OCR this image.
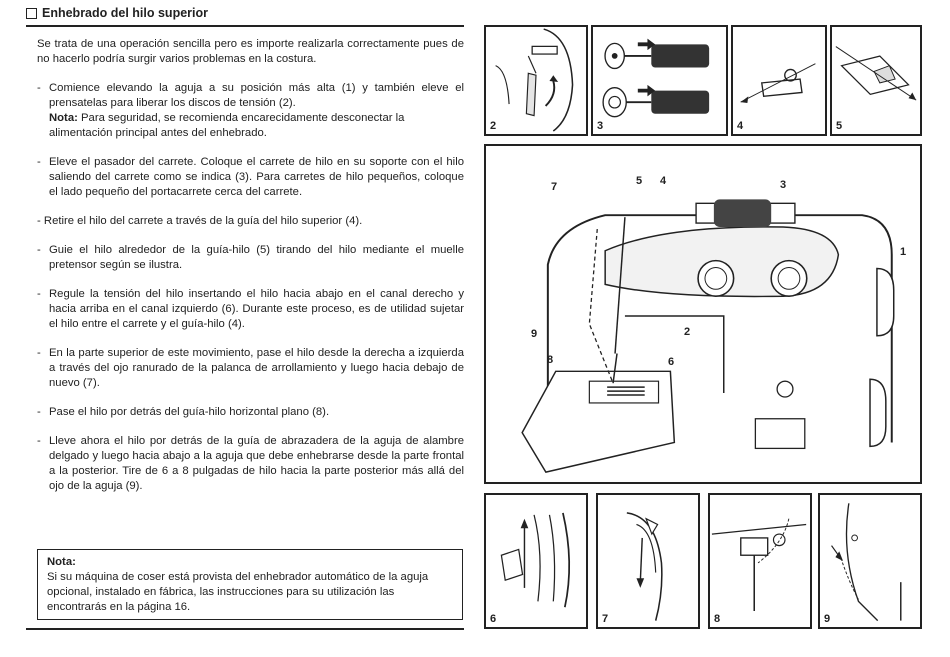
Enhebrado del hilo superior

Se trata de una operación sencilla pero es importe realizarla correctamente pues de no hacerlo podría surgir varios problemas en la costura.

- Comience elevando la aguja a su posición más alta (1) y también eleve el prensatelas para liberar los discos de tensión (2).
Nota: Para seguridad, se recomienda encarecidamente desconectar la alimentación principal antes del enhebrado.
- Eleve el pasador del carrete. Coloque el carrete de hilo en su soporte con el hilo saliendo del carrete como se indica (3). Para carretes de hilo pequeños, coloque el lado pequeño del portacarrete cerca del carrete.
- Retire el hilo del carrete a través de la guía del hilo superior (4).
- Guie el hilo alrededor de la guía-hilo (5) tirando del hilo mediante el muelle pretensor según se ilustra.
- Regule la tensión del hilo insertando el hilo hacia abajo en el canal derecho y hacia arriba en el canal izquierdo (6). Durante este proceso, es de utilidad sujetar el hilo entre el carrete y el guía-hilo (4).
- En la parte superior de este movimiento, pase el hilo desde la derecha a izquierda a través del ojo ranurado de la palanca de arrollamiento y luego hacia debajo de nuevo (7).
- Pase el hilo por detrás del guía-hilo horizontal plano (8).
- Lleve ahora el hilo por detrás de la guía de abrazadera de la aguja de alambre delgado y luego hacia abajo a la aguja que debe enhebrarse desde la parte frontal a la posterior. Tire de 6 a 8 pulgadas de hilo hacia la parte posterior más allá del ojo de la aguja (9).
Nota:
Si su máquina de coser está provista del enhebrador automático de la aguja opcional, instalado en fábrica, las instrucciones para su utilización las encontrarás en la página 16.
2	3	4	5
7	5 4	3
1
2
9
6
8
6	7	8	9
